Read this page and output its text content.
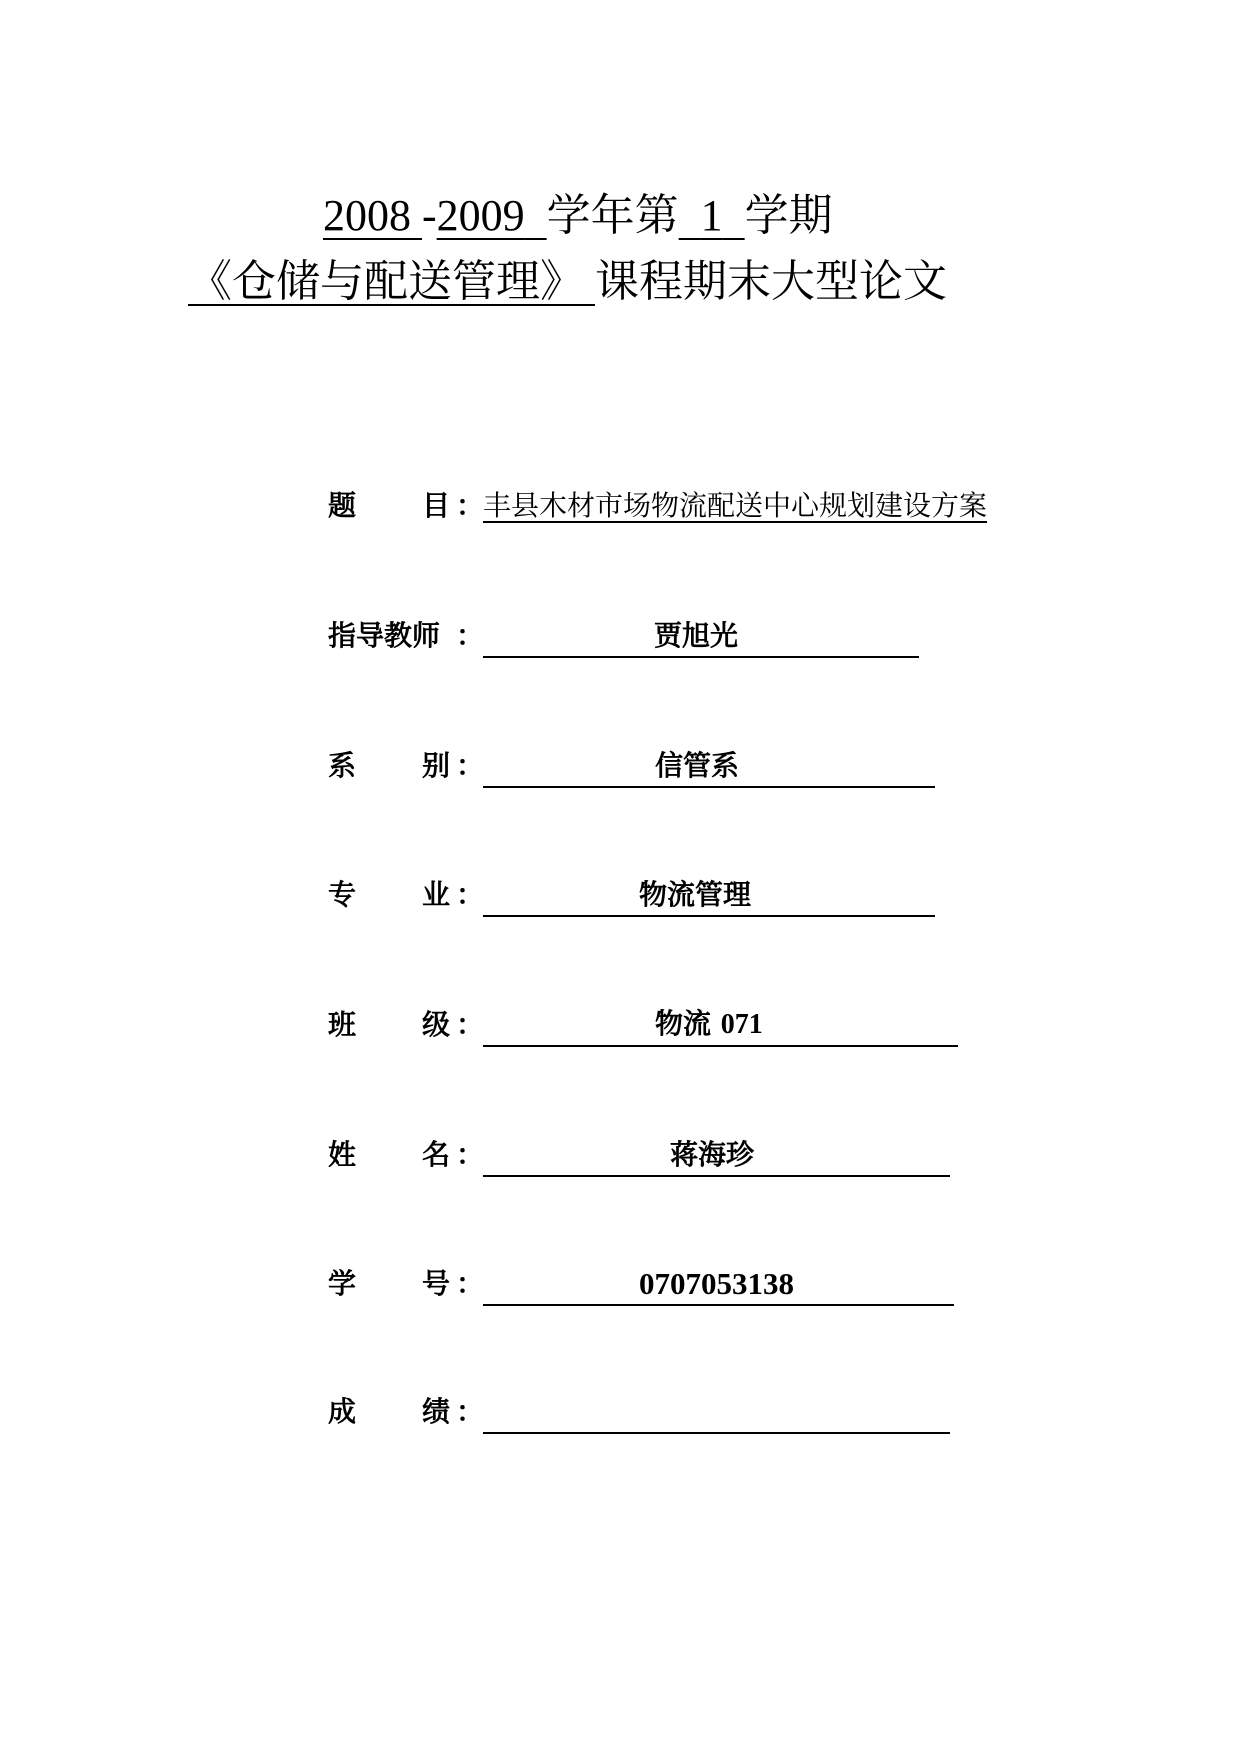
2008 -2009 学年第 1 学期
《仓储与配送管理》 课程期末大型论文
题 目 ：
丰县木材市场物流配送中心规划建设方案
指导教师 ：	贾旭光
系 别 ：	信管系
专 业 ：	物流管理
班 级 ：	物流 071
姓 名 ：	蒋海珍
学 号 ：	0707053138
成 绩 ：
